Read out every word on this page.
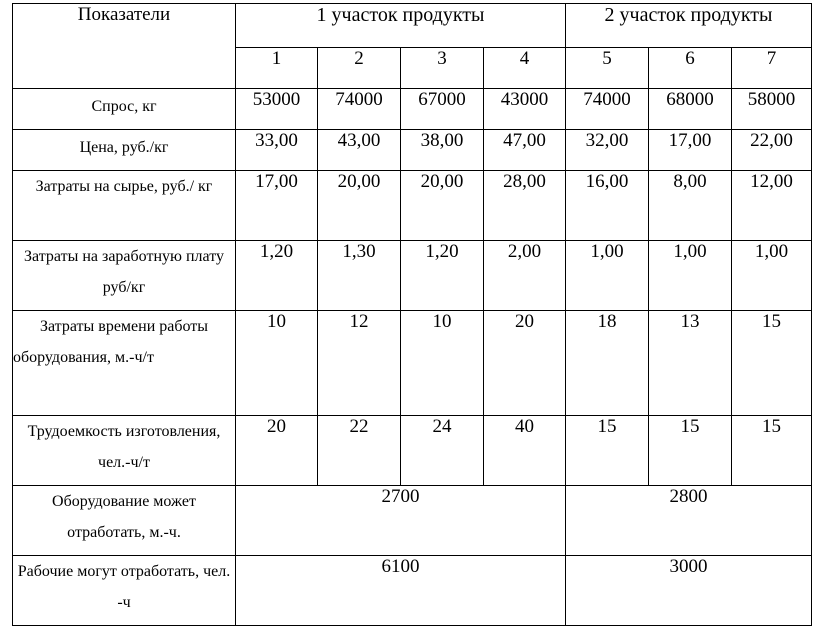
Показатели	1 участок продукты				2 участок продукты		
	1	2	3	4	5	6	7
Спрос, кг	53000	74000	67000	43000	74000	68000	58000
Цена, руб./кг	33,00	43,00	38,00	47,00	32,00	17,00	22,00
Затраты на сырье, руб./ кг	17,00	20,00	20,00	28,00	16,00	8,00	12,00
Затраты на заработную плату руб/кг	1,20	1,30	1,20	2,00	1,00	1,00	1,00
Затраты времени работы оборудования, м.-ч/т	10	12	10	20	18	13	15
Трудоемкость изготовления, чел.-ч/т	20	22	24	40	15	15	15
Оборудование может отработать, м.-ч.	2700				2800		
Рабочие могут отработать, чел. -ч	6100				3000		
